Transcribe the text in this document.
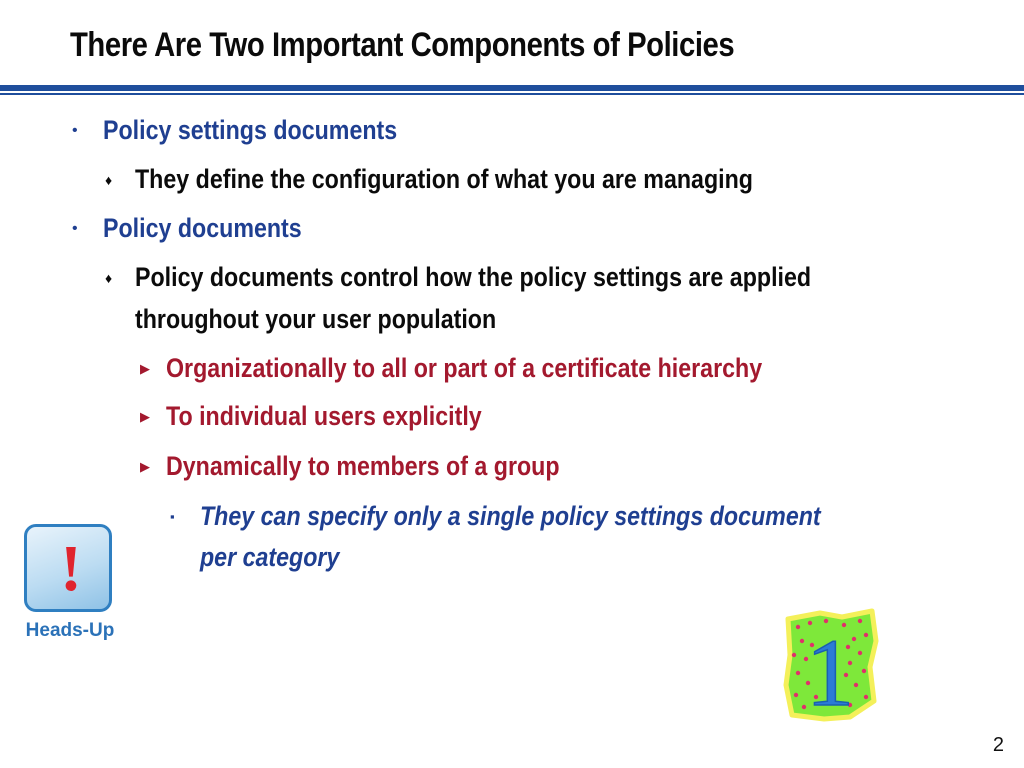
There Are Two Important Components of Policies
• Policy settings documents
♦ They define the configuration of what you are managing
• Policy documents
♦ Policy documents control how the policy settings are applied
throughout your user population
▶ Organizationally to all or part of a certificate hierarchy
▶ To individual users explicitly
▶ Dynamically to members of a group
▪ They can specify only a single policy settings document
per category
!
Heads-Up	1
2
